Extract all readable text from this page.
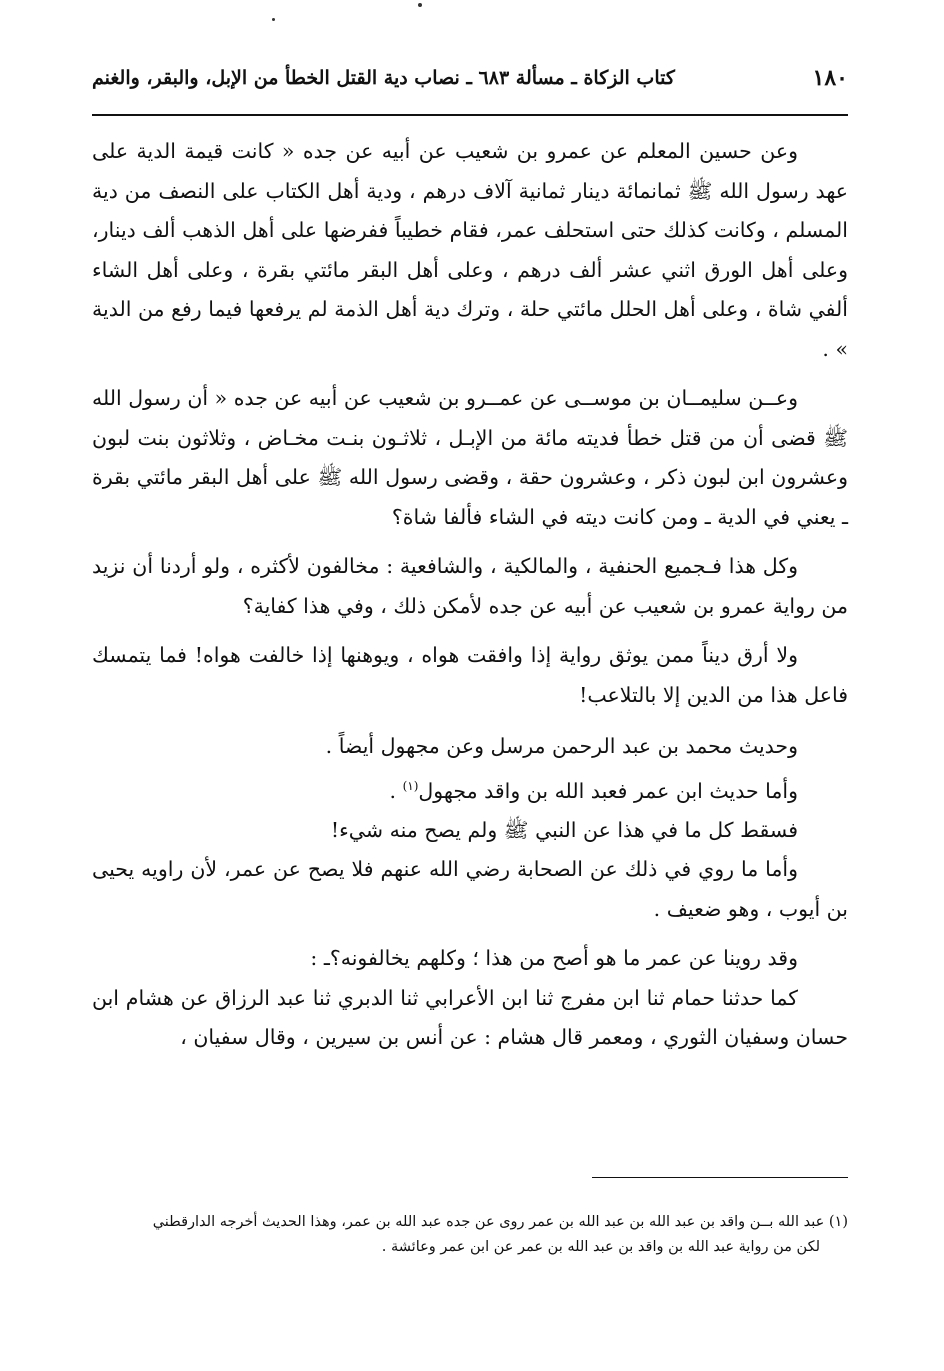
١٨٠
كتاب الزكاة ـ مسألة ٦٨٣ ـ نصاب دية القتل الخطأ من الإبل، والبقر، والغنم

وعن حسين المعلم عن عمرو بن شعيب عن أبيه عن جده « كانت قيمة الدية على عهد رسول الله ﷺ ثمانمائة دينار ثمانية آلاف درهم ، ودية أهل الكتاب على النصف من دية المسلم ، وكانت كذلك حتى استحلف عمر، فقام خطيباً ففرضها على أهل الذهب ألف دينار، وعلى أهل الورق اثني عشر ألف درهم ، وعلى أهل البقر مائتي بقرة ، وعلى أهل الشاء ألفي شاة ، وعلى أهل الحلل مائتي حلة ، وترك دية أهل الذمة لم يرفعها فيما رفع من الدية » .

وعــن سليمــان بن موســى عن عمــرو بن شعيب عن أبيه عن جده « أن رسول الله ﷺ قضى أن من قتل خطأ فديته مائة من الإبـل ، ثلاثـون بنـت مخـاض ، وثلاثون بنت لبون وعشرون ابن لبون ذكر ، وعشرون حقة ، وقضى رسول الله ﷺ على أهل البقر مائتي بقرة ـ يعني في الدية ـ ومن كانت ديته في الشاء فألفا شاة؟

وكل هذا فـجميع الحنفية ، والمالكية ، والشافعية : مخالفون لأكثره ، ولو أردنا أن نزيد من رواية عمرو بن شعيب عن أبيه عن جده لأمكن ذلك ، وفي هذا كفاية؟

ولا أرق ديناً ممن يوثق رواية إذا وافقت هواه ، ويوهنها إذا خالفت هواه! فما يتمسك فاعل هذا من الدين إلا بالتلاعب!

وحديث محمد بن عبد الرحمن مرسل وعن مجهول أيضاً .

وأما حديث ابن عمر فعبد الله بن واقد مجهول$^{(١)}$ .

فسقط كل ما في هذا عن النبي ﷺ ولم يصح منه شيء!

وأما ما روي في ذلك عن الصحابة رضي الله عنهم فلا يصح عن عمر، لأن راويه يحيى بن أيوب ، وهو ضعيف .

وقد روينا عن عمر ما هو أصح من هذا ؛ وكلهم يخالفونه؟ـ :

كما حدثنا حمام ثنا ابن مفرج ثنا ابن الأعرابي ثنا الدبري ثنا عبد الرزاق عن هشام ابن حسان وسفيان الثوري ، ومعمر قال هشام : عن أنس بن سيرين ، وقال سفيان ،

(١) عبد الله بــن واقد بن عبد الله بن عبد الله بن عمر روى عن جده عبد الله بن عمر، وهذا الحديث أخرجه الدارقطني

لكن من رواية عبد الله بن واقد بن عبد الله بن عمر عن ابن عمر وعائشة .
